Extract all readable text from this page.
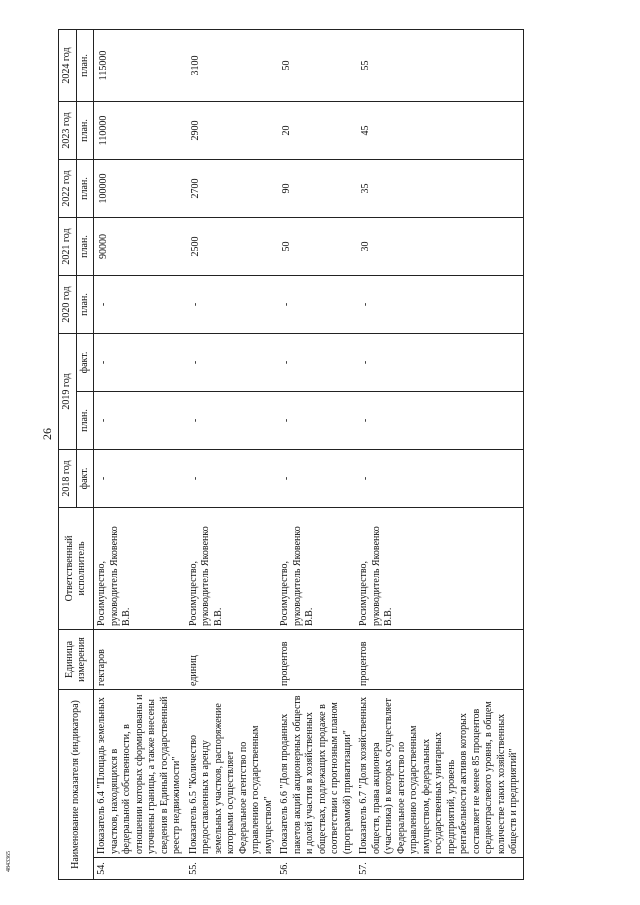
26
4843365	Наименование показателя (индикатора)		Единица измерения	Ответственный исполнитель	2018 год	2019 год		2020 год	2021 год	2022 год	2023 год	2024 год
				факт.	план.	факт.	план.	план.	план.	план.	план.
54.	Показатель 6.4 "Площадь земельных участков, находящихся в федеральной собственности, в отношении которых сформированы и уточнены границы, а также внесены сведения в Единый государственный реестр недвижимости"	гектаров	Росимущество, руководитель Яковенко В.В.	-	-	-	-	90000	100000	110000	115000
55.	Показатель 6.5 "Количество предоставленных в аренду земельных участков, распоряжение которыми осуществляет Федеральное агентство по управлению государственным имуществом"	единиц	Росимущество, руководитель Яковенко В.В.	-	-	-	-	2500	2700	2900	3100
56.	Показатель 6.6 "Доля проданных пакетов акций акционерных обществ и долей участия в хозяйственных обществах, подлежащих продаже в соответствии с прогнозным планом (программой) приватизации"	процентов	Росимущество, руководитель Яковенко В.В.	-	-	-	-	50	90	20	50
57.	Показатель 6.7 "Доля хозяйственных обществ, права акционера (участника) в которых осуществляет Федеральное агентство по управлению государственным имуществом, федеральных государственных унитарных предприятий, уровень рентабельности активов которых составляет не менее 85 процентов среднеотраслевого уровня, в общем количестве таких хозяйственных обществ и предприятий"	процентов	Росимущество, руководитель Яковенко В.В.	-	-	-	-	30	35	45	55
